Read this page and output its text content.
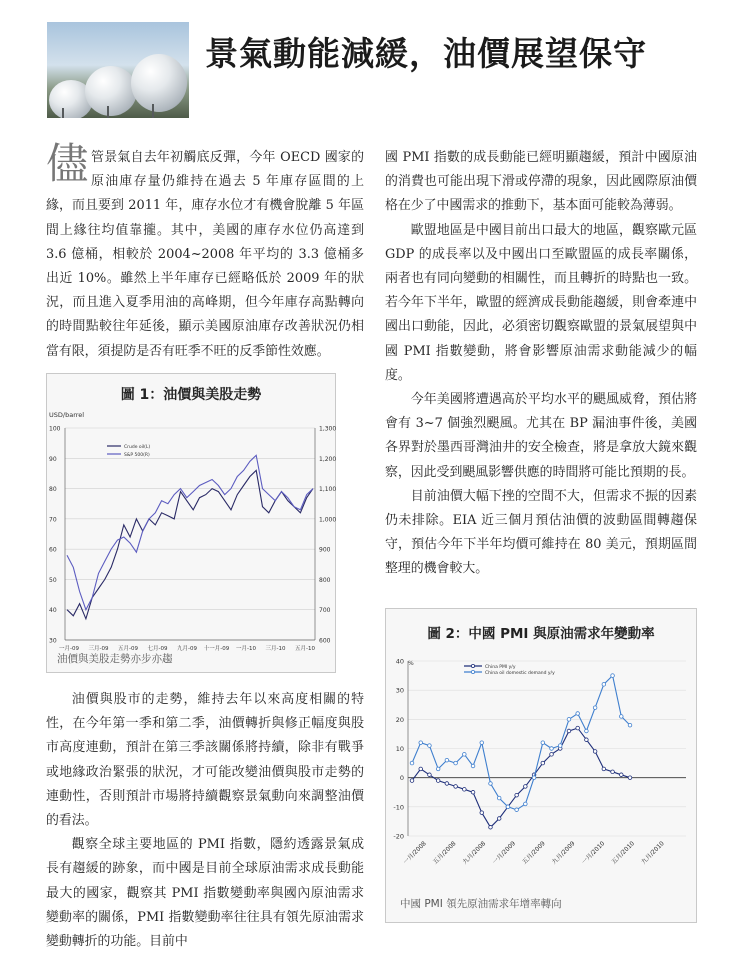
景氣動能減緩，油價展望保守

儘管景氣自去年初觸底反彈，今年 OECD 國家的原油庫存量仍維持在過去 5 年庫存區間的上緣，而且要到 2011 年，庫存水位才有機會脫離 5 年區間上緣往均值靠攏。其中，美國的庫存水位仍高達到 3.6 億桶，相較於 2004~2008 年平均的 3.3 億桶多出近 10%。雖然上半年庫存已經略低於 2009 年的狀況，而且進入夏季用油的高峰期，但今年庫存高點轉向的時間點較往年延後，顯示美國原油庫存改善狀況仍相當有限，須提防是否有旺季不旺的反季節性效應。

圖 1：油價與美股走勢
USD/barrel
100
90
80
70
60
50
40
30
1,300
1,200
1,100
1,000
900
800
700
600
一月-09 三月-09 五月-09 七月-09 九月-09 十一月-09 一月-10 三月-10 五月-10
Crude oil(L)
S&P 500(R)
油價與美股走勢亦步亦趨

油價與股市的走勢，維持去年以來高度相關的特性，在今年第一季和第二季，油價轉折與修正幅度與股市高度連動，預計在第三季該關係將持續，除非有戰爭或地緣政治緊張的狀況，才可能改變油價與股市走勢的連動性，否則預計市場將持續觀察景氣動向來調整油價的看法。

觀察全球主要地區的 PMI 指數，隱約透露景氣成長有趨緩的跡象，而中國是目前全球原油需求成長動能最大的國家，觀察其 PMI 指數變動率與國內原油需求變動率的關係，PMI 指數變動率往往具有領先原油需求變動轉折的功能。目前中

國 PMI 指數的成長動能已經明顯趨緩，預計中國原油的消費也可能出現下滑或停滯的現象，因此國際原油價格在少了中國需求的推動下，基本面可能較為薄弱。

歐盟地區是中國目前出口最大的地區，觀察歐元區 GDP 的成長率以及中國出口至歐盟區的成長率關係，兩者也有同向變動的相關性，而且轉折的時點也一致。若今年下半年，歐盟的經濟成長動能趨緩，則會牽連中國出口動能，因此，必須密切觀察歐盟的景氣展望與中國 PMI 指數變動，將會影響原油需求動能減少的幅度。

今年美國將遭遇高於平均水平的颶風威脅，預估將會有 3~7 個強烈颶風。尤其在 BP 漏油事件後，美國各界對於墨西哥灣油井的安全檢查，將是拿放大鏡來觀察，因此受到颶風影響供應的時間將可能比預期的長。

目前油價大幅下挫的空間不大，但需求不振的因素仍未排除。EIA 近三個月預估油價的波動區間轉趨保守，預估今年下半年均價可維持在 80 美元，預期區間整理的機會較大。

圖 2：中國 PMI 與原油需求年變動率
%
40
30
20
10
0
-10
-20
一月/2008 五月/2008 九月/2008 一月/2009 五月/2009 九月/2009 一月/2010 五月/2010 九月/2010
China PMI y/y
China oil domestic demand y/y
中國 PMI 領先原油需求年增率轉向
